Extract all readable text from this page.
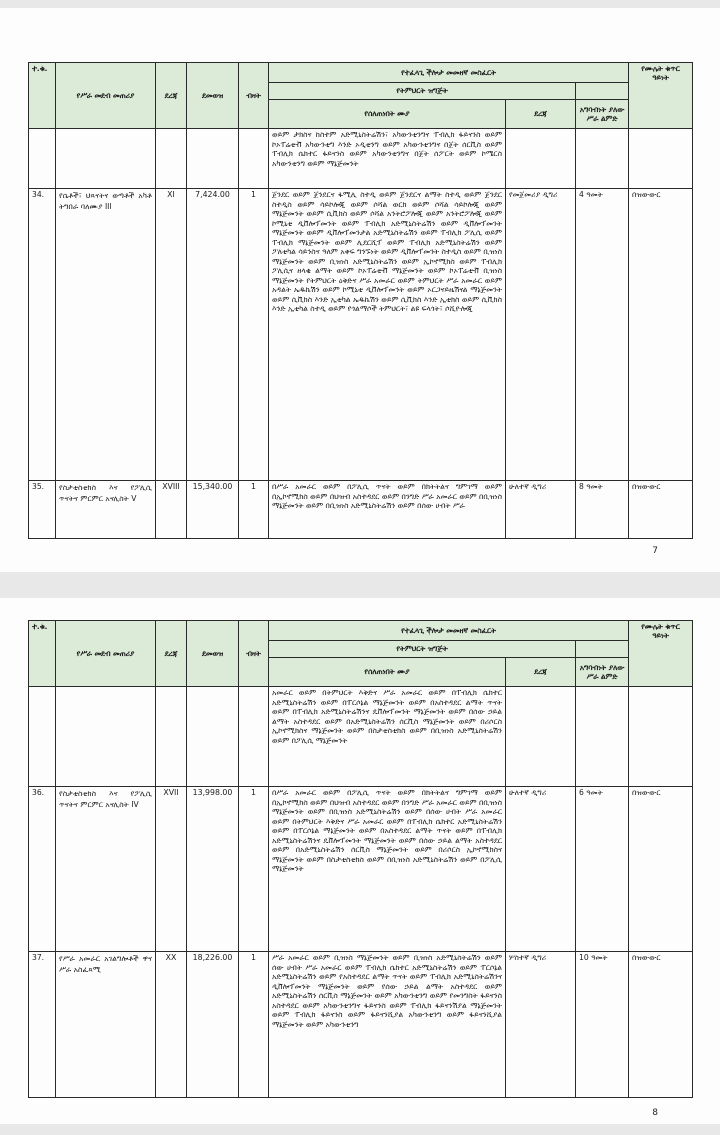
ተ.ቁ.	የሥራ መደብ መጠሪያ	ደረጃ	ደመወዝ	ብዛት	የተፈላጊ ችሎታ መመዘኛ መስፈርት			የሙሌት ቁጥር ዓይነት
					የትምህርት ዝግጅት			
					የሰለጠነበት ሙያ	ደረጃ	አግባብነት ያለው ሥራ ልምድ	

					ወይም ታክስና ከስተም አድሚኒስትሬሽን፣ አካውንቲንግና ፐብሊክ ፋይናንስ ወይም ኮኦፐሬቲቭ አካውንቲግ እንድ ኦዲቲንግ ወይም አካውንቲንግና በጀት ሰርቪስ ወይም ፐብሊክ ሴክተር ፋይናንስ ወይም አካውንቲንግና በጀት ሰፖርት ወይም ኮሜርስ አካውንቲንግ ወይም ማኔጅመንት			

34.	የሴቶች፣ ህጻናትና ወጣቶች አካቶ ትግበራ ባለሙያ III	XI	7,424.00	1	ጀንደር ወይም ጀንደርና ፋሚሊ ስተዲ ወይም ጀንደርና ልማት ስተዲ ወይም ጀንደር ስተዲስ ወይም ሳይኮሎጂ ወይም ሶሻል ወርክ ወይም ሶሻል ሳይኮሎጂ ወይም ማኔጅመንት ወይም ሲቪክስ ወይም ሶሻል አንትሮፖሎጂ ወይም አንትሮፖሎጂ ወይም ኮሚኒቲ ዲቨሎፕመንት ወይም ፐብሊክ አድሚኒስትሬሽን ወይም ዲቨሎፕመንት ማኔጅመንት ወይም ዲቨሎፕመንታል አድሚኒስትሬሽን ወይም ፐብሊክ ፖሊሲ ወይም ፐብሊክ ማኔጅመንት ወይም ሊደርሺፕ ወይም ፐብሊክ አድሚኒስትሬሽን ወይም ፖለቲካል ሳይንስና ዓለም አቀፍ ግንኙነት ወይም ዲቨሎፕመንት ስተዲስ ወይም ቢዝነስ ማኔጅመንት ወይም ቢዝነስ አድሚኒስትሬሽን ወይም ኢኮኖሚክስ ወይም ፐብሊክ ፖሊሲና ዘላቂ ልማት ወይም ኮኦፐሬቲቭ ማኔጅመንት ወይም ኮኦፐሬቲቭ ቢዝነስ ማኔጅመንት የትምህርት ዕቅድና ሥራ አመራር ወይም ትምህርት ሥራ አመራር ወይም አዳልት ኤዱኬሽን ወይም ኮሚኒቲ ዲቨሎፕመንት ወይም ኦርጋናይዜሽናል ማኔጅመንት ወይም ሲቪክስ እንድ ኢቲካል ኤዱኬሽን ወይም ሲቪክስ እንድ ኢቲክስ ወይም ሲቪክስ እንድ ኢቲካል ስተዲ ወይም የጎልማሶች ትምህርት፣ ልዩ ፍላጎት፣ ሶሺዮሎጂ	የመጀመሪያ ዲግሪ	4 ዓመት	በዝውውር
35.	የስታቲስቲክስ እና የፖሊሲ ጥናትና ምርምር አናሊስት V	XVIII	15,340.00	1	በሥራ አመራር ወይም በፖሊሲ ጥናት ወይም በክትትልና ግምገማ ወይም በኢኮኖሚክስ ወይም በህዝብ አስተዳደር ወይም በንግድ ሥራ አመራር ወይም በቢዝነስ ማኔጅመንት ወይም በቢዝነስ አድሚኒስትሬሽን ወይም በሰው ሀብት ሥራ	ሁለተኛ ዲግሪ	8 ዓመት	በዝውውር
7
ተ.ቁ.	የሥራ መደብ መጠሪያ	ደረጃ	ደመወዝ	ብዛት	የተፈላጊ ችሎታ መመዘኛ መስፈርት			የሙሌት ቁጥር ዓይነት
					የትምህርት ዝግጅት			
					የሰለጠነበት ሙያ	ደረጃ	አግባብነት ያለው ሥራ ልምድ	

					አመራር ወይም በትምህርት እቅድና ሥራ አመራር ወይም በፐብሊክ ሴክተር አድሚኒስትሬሽን ወይም በፐርሶኔል ማኔጅመንት ወይም በአስተዳደር ልማት ጥናት ወይም በፐብሊክ አድሚኒስትሬሽንና ዴቨሎፕመንት ማኔጅመንት ወይም በሰው ኃይል ልማት አስተዳደር ወይም በአድሚኒስትሬሽን ሰርቪስ ማኔጅመንት ወይም በሪሶርስ ኢኮኖሚክስና ማኔጅመንት ወይም በስታቲስቲክስ ወይም በቢዝነስ አድሚኒስትሬሽን ወይም በፖሊሲ ማኔጅመንት			

36.	የስታቲስቲክስ እና የፖሊሲ ጥናትና ምርምር አናሊስት IV	XVII	13,998.00	1	በሥራ አመራር ወይም በፖሊሲ ጥናት ወይም በክትትልና ግምገማ ወይም በኢኮኖሚክስ ወይም በህዝብ አስተዳደር ወይም በንግድ ሥራ አመራር ወይም በቢዝነስ ማኔጅመንት ወይም በቢዝነስ አድሚኒስትሬሽን ወይም በሰው ሀብት ሥራ አመራር ወይም በትምህርት እቅድና ሥራ አመራር ወይም በፐብሊክ ሴክተር አድሚኒስትሬሽን ወይም በፐርሶኔል ማኔጅመንት ወይም በአስተዳደር ልማት ጥናት ወይም በፐብሊክ አድሚኒስትሬሽንና ዴቨሎፕመንት ማኔጅመንት ወይም በሰው ኃይል ልማት አስተዳደር ወይም በአድሚኒስትሬሽን ሰርቪስ ማኔጅመንት ወይም በሪሶርስ ኢኮኖሚክስና ማኔጅመንት ወይም በስታቲስቲክስ ወይም በቢዝነስ አድሚኒስትሬሽን ወይም በፖሊሲ ማኔጅመንት	ሁለተኛ ዲግሪ	6 ዓመት	በዝውውር
37.	የሥራ አመራር አገልግሎቶች ዋና ሥራ አስፈጻሚ	XX	18,226.00	1	ሥራ አመራር ወይም ቢዝነስ ማኔጅመንት ወይም ቢዝነስ አድሚኒስትሬሽን ወይም ሰው ሀብት ሥራ አመራር ወይም ፐብሊክ ሴክተር አድሚኒስትሬሽን ወይም ፐርሶኔል አድሚኒስትሬሽን ወይም የአስተዳደር ልማት ጥናት ወይም ፐብሊክ አድሚኒስትሬሽንና ዲቨሎፕመንት ማኔጅመንት ወይም የሰው ኃይል ልማት አስተዳደር ወይም አድሚኒስትሬሽን ሰርቪስ ማኔጅመንት ወይም አካውንቲንግ ወይም የመንግስት ፋይናንስ አስተዳደር ወይም አካውንቲንግና ፋይናንስ ወይም ፐብሊክ ፋይናንሽያል ማኔጅመንት ወይም ፐብሊክ ፋይናንስ ወይም ፋይናንሺያል አካውንቲንግ ወይም ፋይናንሺያል ማኔጅመንት ወይም አካውንቲንግ	ሦስተኛ ዲግሪ	10 ዓመት	በዝውውር
8
